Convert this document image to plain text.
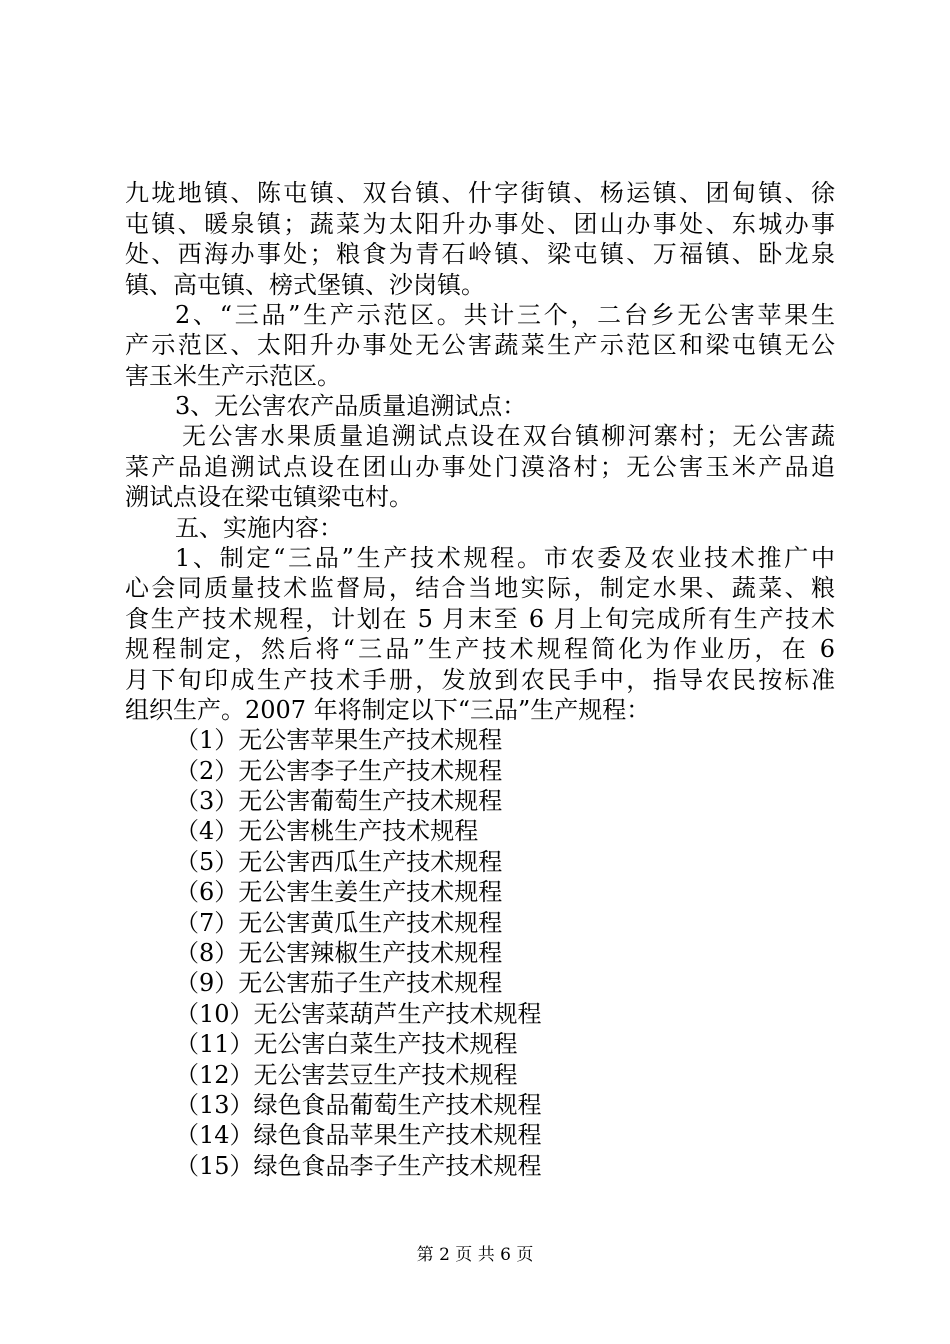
九垅地镇、陈屯镇、双台镇、什字街镇、杨运镇、团甸镇、徐
屯镇、暖泉镇；蔬菜为太阳升办事处、团山办事处、东城办事
处、西海办事处；粮食为青石岭镇、梁屯镇、万福镇、卧龙泉
镇、高屯镇、榜式堡镇、沙岗镇。
2、“三品”生产示范区。共计三个，二台乡无公害苹果生
产示范区、太阳升办事处无公害蔬菜生产示范区和梁屯镇无公
害玉米生产示范区。
3、无公害农产品质量追溯试点：
无公害水果质量追溯试点设在双台镇柳河寨村；无公害蔬
菜产品追溯试点设在团山办事处门漠洛村；无公害玉米产品追
溯试点设在梁屯镇梁屯村。
五、实施内容：
1、制定“三品”生产技术规程。市农委及农业技术推广中
心会同质量技术监督局，结合当地实际，制定水果、蔬菜、粮
食生产技术规程，计划在 5 月末至 6 月上旬完成所有生产技术
规程制定，然后将“三品”生产技术规程简化为作业历，在 6
月下旬印成生产技术手册，发放到农民手中，指导农民按标准
组织生产。2007 年将制定以下“三品”生产规程：
（1）无公害苹果生产技术规程
（2）无公害李子生产技术规程
（3）无公害葡萄生产技术规程
（4）无公害桃生产技术规程
（5）无公害西瓜生产技术规程
（6）无公害生姜生产技术规程
（7）无公害黄瓜生产技术规程
（8）无公害辣椒生产技术规程
（9）无公害茄子生产技术规程
（10）无公害菜葫芦生产技术规程
（11）无公害白菜生产技术规程
（12）无公害芸豆生产技术规程
（13）绿色食品葡萄生产技术规程
（14）绿色食品苹果生产技术规程
（15）绿色食品李子生产技术规程
第 2 页 共 6 页
